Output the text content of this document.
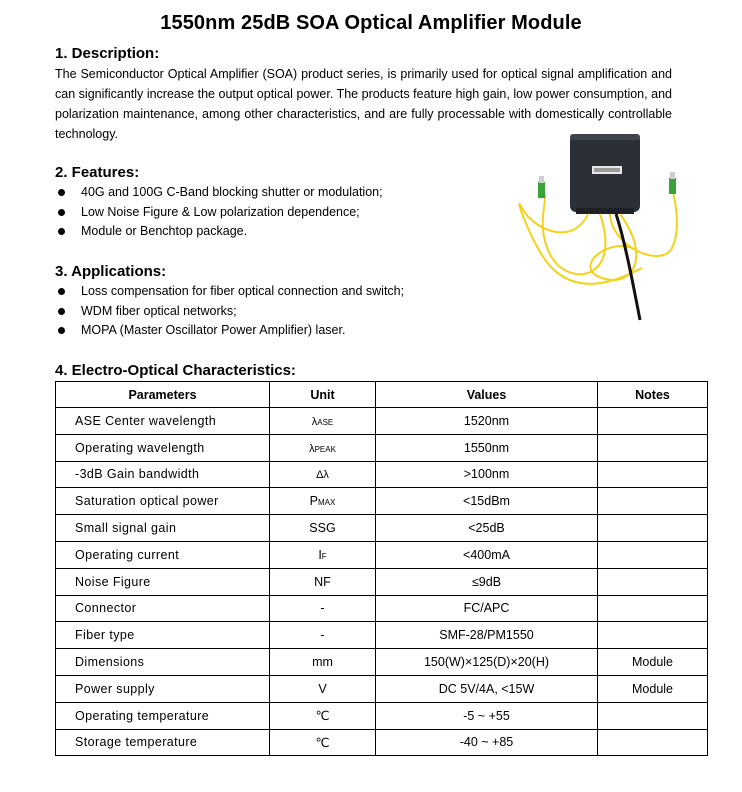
1550nm 25dB SOA Optical Amplifier Module
1. Description:
The Semiconductor Optical Amplifier (SOA) product series, is primarily used for optical signal amplification and can significantly increase the output optical power. The products feature high gain, low power consumption, and polarization maintenance, among other characteristics, and are fully processable with domestically controllable technology.
2. Features:
40G and 100G C-Band blocking shutter or modulation;
Low Noise Figure & Low polarization dependence;
Module or Benchtop package.
3. Applications:
Loss compensation for fiber optical connection and switch;
WDM fiber optical networks;
MOPA (Master Oscillator Power Amplifier) laser.
4. Electro-Optical Characteristics:
Parameters	Unit	Values	Notes
ASE Center wavelength	λASE	1520nm	
Operating wavelength	λPEAK	1550nm	
-3dB Gain bandwidth	Δλ	>100nm	
Saturation optical power	PMAX	<15dBm	
Small signal gain	SSG	<25dB	
Operating current	IF	<400mA	
Noise Figure	NF	≤9dB	
Connector	-	FC/APC	
Fiber type	-	SMF-28/PM1550	
Dimensions	mm	150(W)×125(D)×20(H)	Module
Power supply	V	DC 5V/4A, <15W	Module
Operating temperature	℃	-5 ~ +55	
Storage temperature	℃	-40 ~ +85	
